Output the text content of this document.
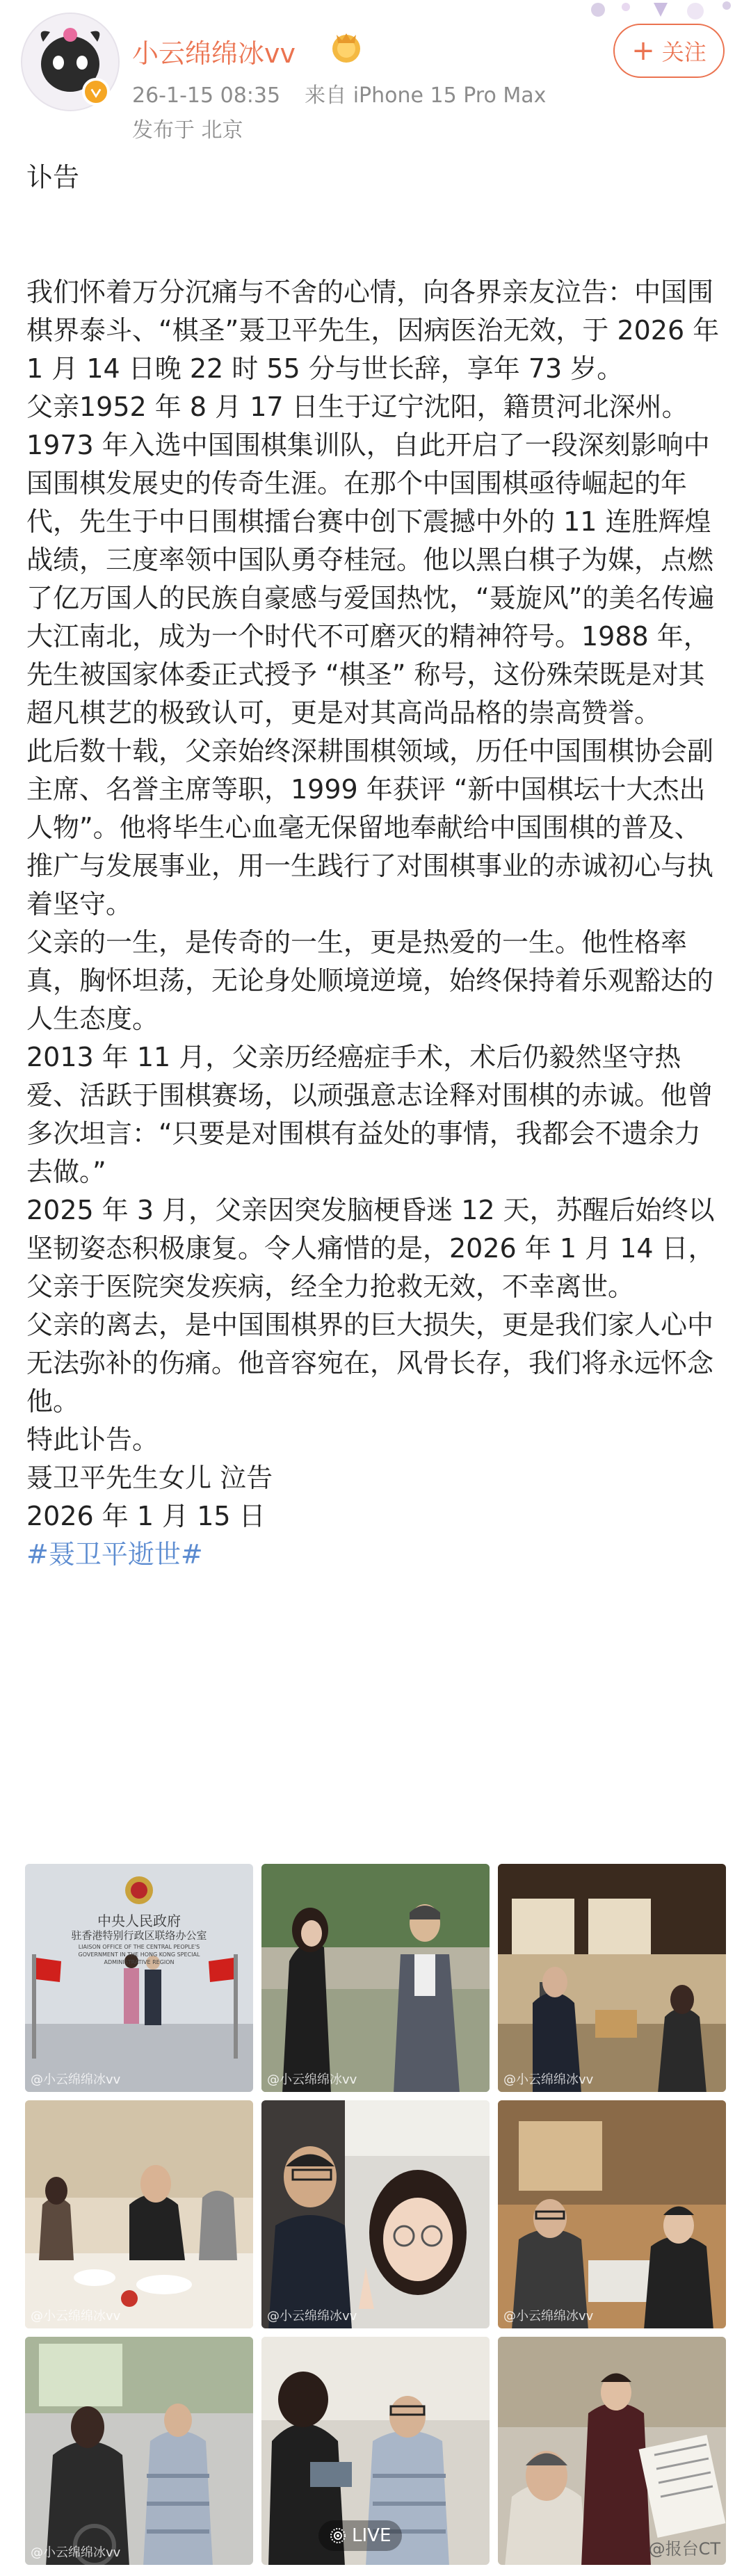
小云绵绵冰vv
26-1-15 08:35 来自 iPhone 15 Pro Max
发布于 北京
+ 关注

讣告

我们怀着万分沉痛与不舍的心情，向各界亲友泣告：中国围棋界泰斗、“棋圣”聂卫平先生，因病医治无效，于 2026 年 1 月 14 日晚 22 时 55 分与世长辞，享年 73 岁。

父亲1952 年 8 月 17 日生于辽宁沈阳，籍贯河北深州。1973 年入选中国围棋集训队，自此开启了一段深刻影响中国围棋发展史的传奇生涯。在那个中国围棋亟待崛起的年代，先生于中日围棋擂台赛中创下震撼中外的 11 连胜辉煌战绩，三度率领中国队勇夺桂冠。他以黑白棋子为媒，点燃了亿万国人的民族自豪感与爱国热忱，“聂旋风”的美名传遍大江南北，成为一个时代不可磨灭的精神符号。1988 年，先生被国家体委正式授予 “棋圣” 称号，这份殊荣既是对其超凡棋艺的极致认可，更是对其高尚品格的崇高赞誉。

此后数十载，父亲始终深耕围棋领域，历任中国围棋协会副主席、名誉主席等职，1999 年获评 “新中国棋坛十大杰出人物”。他将毕生心血毫无保留地奉献给中国围棋的普及、推广与发展事业，用一生践行了对围棋事业的赤诚初心与执着坚守。

父亲的一生，是传奇的一生，更是热爱的一生。他性格率真，胸怀坦荡，无论身处顺境逆境，始终保持着乐观豁达的人生态度。

2013 年 11 月，父亲历经癌症手术，术后仍毅然坚守热爱、活跃于围棋赛场，以顽强意志诠释对围棋的赤诚。他曾多次坦言：“只要是对围棋有益处的事情，我都会不遗余力去做。”

2025 年 3 月，父亲因突发脑梗昏迷 12 天，苏醒后始终以坚韧姿态积极康复。令人痛惜的是，2026 年 1 月 14 日，父亲于医院突发疾病，经全力抢救无效，不幸离世。

父亲的离去，是中国围棋界的巨大损失，更是我们家人心中无法弥补的伤痛。他音容宛在，风骨长存，我们将永远怀念他。

特此讣告。

聂卫平先生女儿 泣告

2026 年 1 月 15 日

#聂卫平逝世#

中央人民政府
驻香港特别行政区联络办公室
LIAISON OFFICE OF THE CENTRAL PEOPLE'S GOVERNMENT IN THE HONG KONG SPECIAL ADMINISTRATIVE REGION
@小云绵绵冰vv	@小云绵绵冰vv	@小云绵绵冰vv
@小云绵绵冰vv	@小云绵绵冰vv	@小云绵绵冰vv
@小云绵绵冰vv
LIVE
@报台CT
